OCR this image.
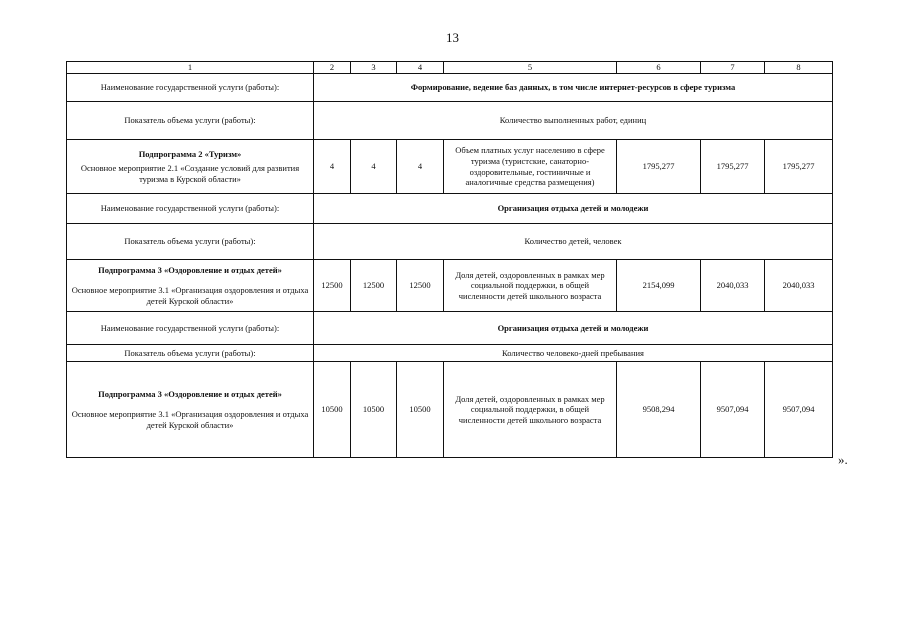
13
1	2	3	4	5	6	7	8
Наименование государственной услуги (работы):	Формирование, ведение баз данных, в том числе интернет-ресурсов в сфере туризма						
Показатель объема услуги (работы):	Количество выполненных работ, единиц						

Подпрограмма 2 «Туризм»
Основное мероприятие 2.1 «Создание условий для развития туризма в Курской области»	4	4	4	Объем платных услуг населению в сфере туризма (туристские, санаторно-оздоровительные, гостиничные и аналогичные средства размещения)	1795,277	1795,277	1795,277
Наименование государственной услуги (работы):	Организация отдыха детей и молодежи						
Показатель объема услуги (работы):	Количество детей, человек						

Подпрограмма 3 «Оздоровление и отдых детей»
Основное мероприятие 3.1 «Организация оздоровления и отдыха детей Курской области»	12500	12500	12500	Доля детей, оздоровленных в рамках мер социальной поддержки, в общей численности детей школьного возраста	2154,099	2040,033	2040,033
Наименование государственной услуги (работы):	Организация отдыха детей и молодежи						
Показатель объема услуги (работы):	Количество человеко-дней пребывания						

Подпрограмма 3 «Оздоровление и отдых детей»
Основное мероприятие 3.1 «Организация оздоровления и отдыха детей Курской области»	10500	10500	10500	Доля детей, оздоровленных в рамках мер социальной поддержки, в общей численности детей школьного возраста	9508,294	9507,094	9507,094
».
